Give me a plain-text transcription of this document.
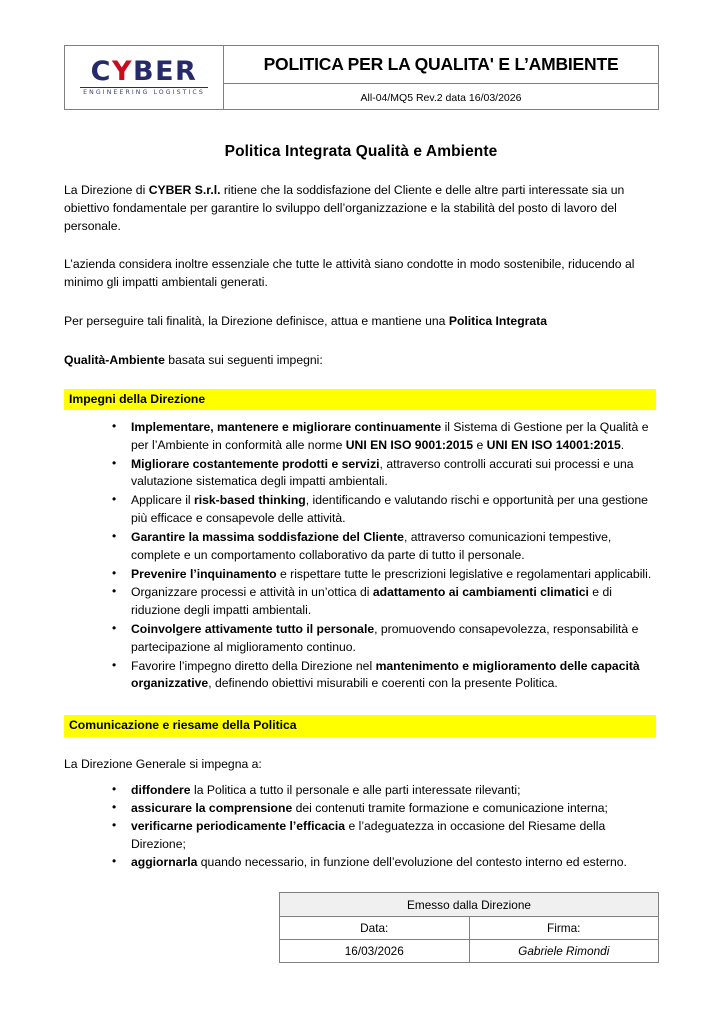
CYBER
ENGINEERING LOGISTICS
	POLITICA PER LA QUALITA' E L’AMBIENTE
All-04/MQ5 Rev.2 data 16/03/2026
Politica Integrata Qualità e Ambiente

La Direzione di CYBER S.r.l. ritiene che la soddisfazione del Cliente e delle altre parti interessate sia un obiettivo fondamentale per garantire lo sviluppo dell’organizzazione e la stabilità del posto di lavoro del personale.

L’azienda considera inoltre essenziale che tutte le attività siano condotte in modo sostenibile, riducendo al minimo gli impatti ambientali generati.

Per perseguire tali finalità, la Direzione definisce, attua e mantiene una Politica Integrata

Qualità-Ambiente basata sui seguenti impegni:

Impegni della Direzione
• Implementare, mantenere e migliorare continuamente il Sistema di Gestione per la Qualità e per l’Ambiente in conformità alle norme UNI EN ISO 9001:2015 e UNI EN ISO 14001:2015.
• Migliorare costantemente prodotti e servizi, attraverso controlli accurati sui processi e una valutazione sistematica degli impatti ambientali.
• Applicare il risk-based thinking, identificando e valutando rischi e opportunità per una gestione più efficace e consapevole delle attività.
• Garantire la massima soddisfazione del Cliente, attraverso comunicazioni tempestive, complete e un comportamento collaborativo da parte di tutto il personale.
• Prevenire l’inquinamento e rispettare tutte le prescrizioni legislative e regolamentari applicabili.
• Organizzare processi e attività in un’ottica di adattamento ai cambiamenti climatici e di riduzione degli impatti ambientali.
• Coinvolgere attivamente tutto il personale, promuovendo consapevolezza, responsabilità e partecipazione al miglioramento continuo.
• Favorire l’impegno diretto della Direzione nel mantenimento e miglioramento delle capacità organizzative, definendo obiettivi misurabili e coerenti con la presente Politica.
Comunicazione e riesame della Politica

La Direzione Generale si impegna a:

• diffondere la Politica a tutto il personale e alle parti interessate rilevanti;
• assicurare la comprensione dei contenuti tramite formazione e comunicazione interna;
• verificarne periodicamente l’efficacia e l’adeguatezza in occasione del Riesame della Direzione;
• aggiornarla quando necessario, in funzione dell’evoluzione del contesto interno ed esterno.
Emesso dalla Direzione	
Data:	Firma:
16/03/2026	Gabriele Rimondi
